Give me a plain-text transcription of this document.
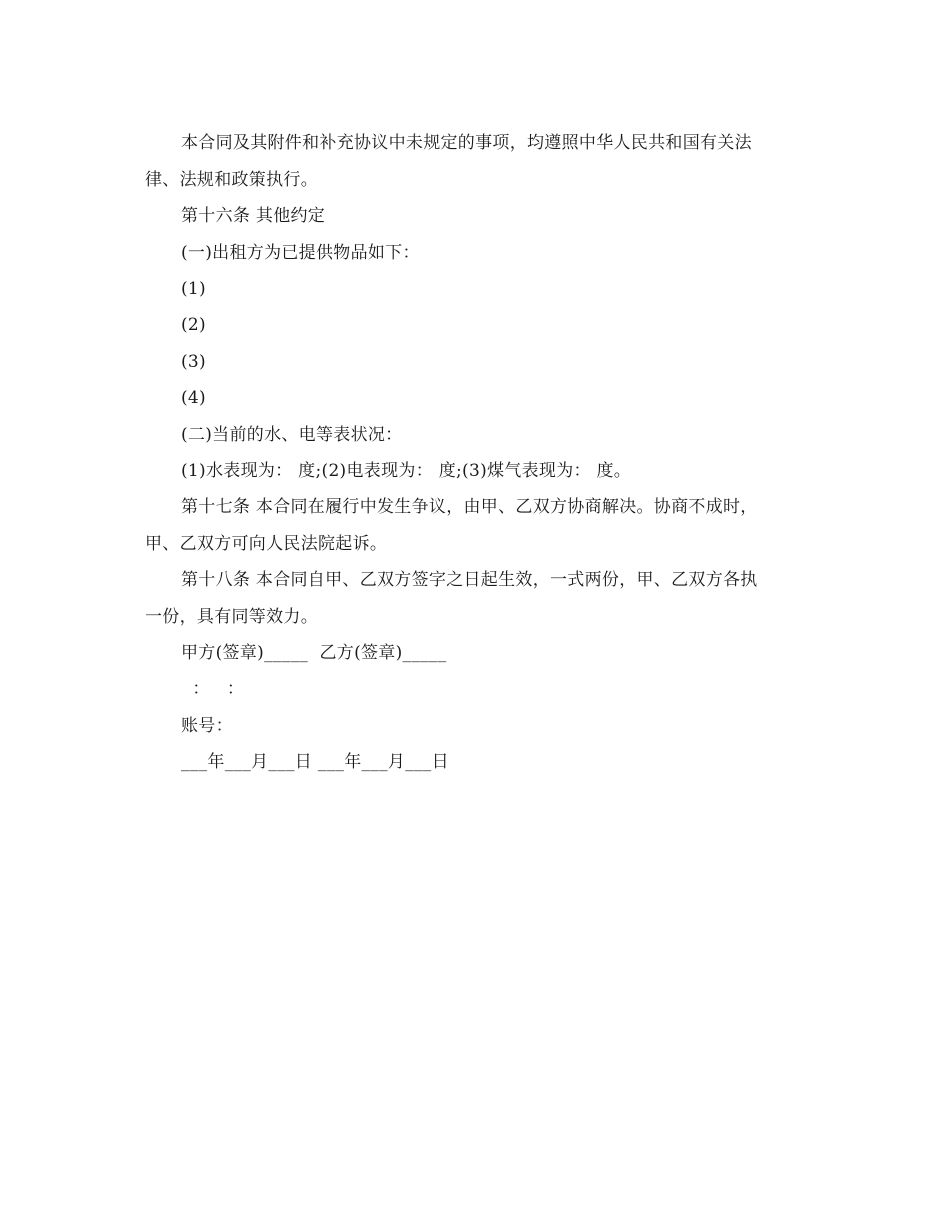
本合同及其附件和补充协议中未规定的事项，均遵照中华人民共和国有关法
律、法规和政策执行。
第十六条 其他约定
(一)出租方为已提供物品如下：
(1)
(2)
(3)
(4)
(二)当前的水、电等表状况：
(1)水表现为： 度;(2)电表现为： 度;(3)煤气表现为： 度。
第十七条 本合同在履行中发生争议，由甲、乙双方协商解决。协商不成时，
甲、乙双方可向人民法院起诉。
第十八条 本合同自甲、乙双方签字之日起生效，一式两份，甲、乙双方各执
一份，具有同等效力。
甲方(签章)_____  乙方(签章)_____
：   ：
账号：
___年___月___日 ___年___月___日
